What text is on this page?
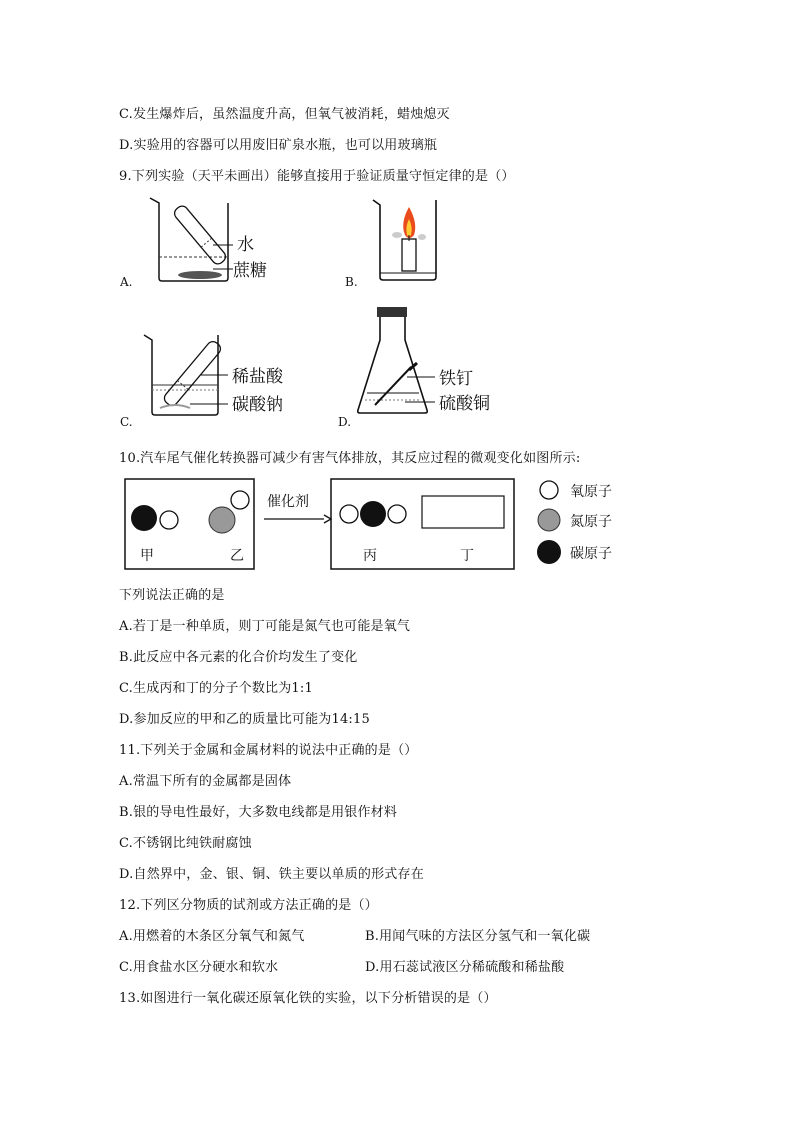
C.发生爆炸后，虽然温度升高，但氧气被消耗，蜡烛熄灭
D.实验用的容器可以用废旧矿泉水瓶，也可以用玻璃瓶
9.下列实验（天平未画出）能够直接用于验证质量守恒定律的是（）
水
蔗糖
A.	B.
稀盐酸
碳酸钠
C.
铁钉
硫酸铜
D.
10.汽车尾气催化转换器可减少有害气体排放，其反应过程的微观变化如图所示:
甲	乙
催化剂
丙	丁
氧原子
氮原子
碳原子
下列说法正确的是
A.若丁是一种单质，则丁可能是氮气也可能是氧气
B.此反应中各元素的化合价均发生了变化
C.生成丙和丁的分子个数比为1:1
D.参加反应的甲和乙的质量比可能为14:15
11.下列关于金属和金属材料的说法中正确的是（）
A.常温下所有的金属都是固体
B.银的导电性最好，大多数电线都是用银作材料
C.不锈钢比纯铁耐腐蚀
D.自然界中，金、银、铜、铁主要以单质的形式存在
12.下列区分物质的试剂或方法正确的是（）
A.用燃着的木条区分氧气和氮气	B.用闻气味的方法区分氢气和一氧化碳
C.用食盐水区分硬水和软水	D.用石蕊试液区分稀硫酸和稀盐酸
13.如图进行一氧化碳还原氧化铁的实验，以下分析错误的是（）
